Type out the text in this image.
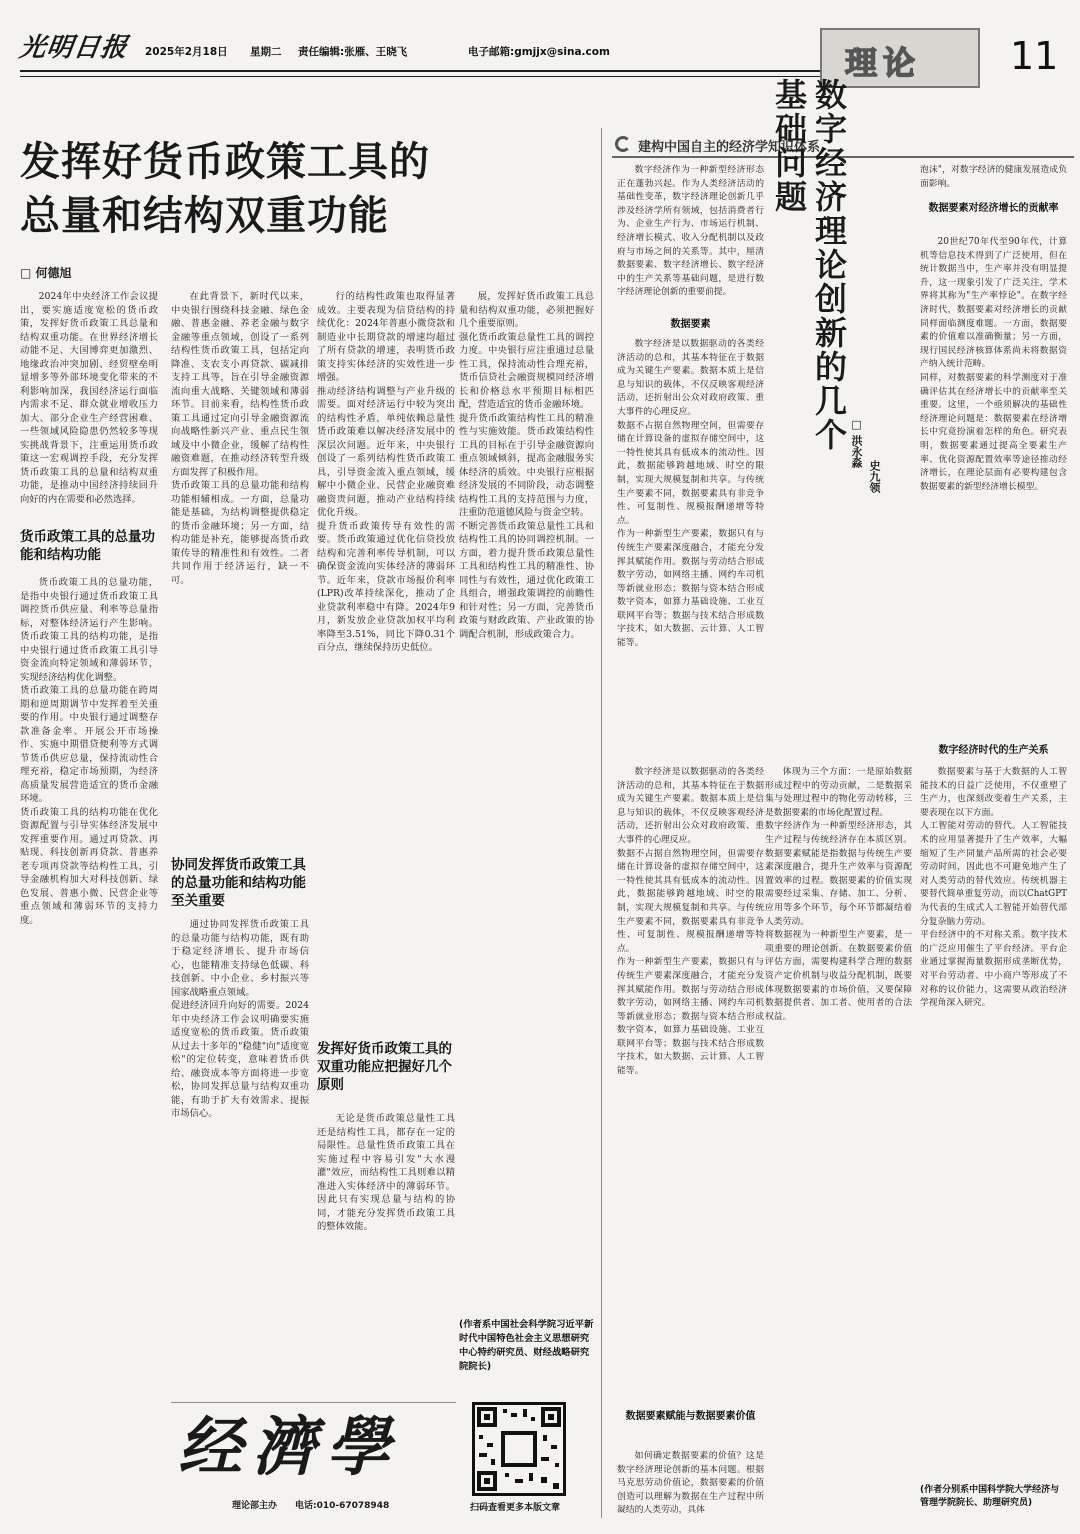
光明日报 2025年2月18日 星期二 责任编辑:张雁、王晓飞	电子邮箱:gmjjx@sina.com	理论 11
发挥好货币政策工具的
总量和结构双重功能
□ 何德旭
2024年中央经济工作会议提出，要实施适度宽松的货币政策，发挥好货币政策工具总量和结构双重功能。在世界经济增长动能不足、大国博弈更加激烈、地缘政治冲突加剧、经贸壁垒明显增多等外部环境变化带来的不利影响加深，我国经济运行面临内需求不足、群众就业增收压力加大、部分企业生产经营困难、一些领域风险隐患仍然较多等现实挑战背景下，注重运用货币政策这一宏观调控手段，充分发挥货币政策工具的总量和结构双重功能，是推动中国经济持续回升向好的内在需要和必然选择。
货币政策工具的总量功能和结构功能
货币政策工具的总量功能，是指中央银行通过货币政策工具调控货币供应量、利率等总量指标，对整体经济运行产生影响。货币政策工具的结构功能，是指中央银行通过货币政策工具引导资金流向特定领域和薄弱环节，实现经济结构优化调整。
货币政策工具的总量功能在跨周期和逆周期调节中发挥着至关重要的作用。中央银行通过调整存款准备金率、开展公开市场操作、实施中期借贷便利等方式调节货币供应总量，保持流动性合理充裕，稳定市场预期，为经济高质量发展营造适宜的货币金融环境。
货币政策工具的结构功能在优化资源配置与引导实体经济发展中发挥重要作用。通过再贷款、再贴现、科技创新再贷款、普惠养老专项再贷款等结构性工具，引导金融机构加大对科技创新、绿色发展、普惠小微、民营企业等重点领域和薄弱环节的支持力度。
在此背景下，新时代以来，中央银行围绕科技金融、绿色金融、普惠金融、养老金融与数字金融等重点领域，创设了一系列结构性货币政策工具，包括定向降准、支农支小再贷款、碳减排支持工具等，旨在引导金融资源流向重大战略、关键领域和薄弱环节。目前来看，结构性货币政策工具通过定向引导金融资源流向战略性新兴产业、重点民生领域及中小微企业，缓解了结构性融资难题，在推动经济转型升级方面发挥了积极作用。
货币政策工具的总量功能和结构功能相辅相成。一方面，总量功能是基础，为结构调整提供稳定的货币金融环境；另一方面，结构功能是补充，能够提高货币政策传导的精准性和有效性。二者共同作用于经济运行，缺一不可。
协同发挥货币政策工具的总量功能和结构功能至关重要
通过协同发挥货币政策工具的总量功能与结构功能，既有助于稳定经济增长、提升市场信心，也能精准支持绿色低碳、科技创新、中小企业、乡村振兴等国家战略重点领域。
促进经济回升向好的需要。2024年中央经济工作会议明确要实施适度宽松的货币政策。货币政策从过去十多年的"稳健"向"适度宽松"的定位转变，意味着货币供给、融资成本等方面将进一步宽松，协同发挥总量与结构双重功能，有助于扩大有效需求、提振市场信心。
行的结构性政策也取得显著成效。主要表现为信贷结构的持续优化：2024年普惠小微贷款和制造业中长期贷款的增速均超过了所有贷款的增速，表明货币政策支持实体经济的实效性进一步增强。
推动经济结构调整与产业升级的需要。面对经济运行中较为突出的结构性矛盾，单纯依赖总量性货币政策难以解决经济发展中的深层次问题。近年来，中央银行创设了一系列结构性货币政策工具，引导资金流入重点领域，缓解中小微企业、民营企业融资难融资贵问题，推动产业结构持续优化升级。
提升货币政策传导有效性的需要。货币政策通过优化信贷投放结构和完善利率传导机制，可以确保资金流向实体经济的薄弱环节。近年来，贷款市场报价利率(LPR)改革持续深化，推动了企业贷款利率稳中有降。2024年9月，新发放企业贷款加权平均利率降至3.51%，同比下降0.31个百分点，继续保持历史低位。
发挥好货币政策工具的双重功能应把握好几个原则
无论是货币政策总量性工具还是结构性工具，都存在一定的局限性。总量性货币政策工具在实施过程中容易引发"大水漫灌"效应，而结构性工具则难以精准进入实体经济中的薄弱环节。因此只有实现总量与结构的协同，才能充分发挥货币政策工具的整体效能。
展，发挥好货币政策工具总量和结构双重功能，必须把握好几个重要原则。
强化货币政策总量性工具的调控力度。中央银行应注重通过总量性工具，保持流动性合理充裕，货币信贷社会融资规模同经济增长和价格总水平预期目标相匹配，营造适宜的货币金融环境。
提升货币政策结构性工具的精准性与实施效能。货币政策结构性工具的目标在于引导金融资源向重点领域倾斜，提高金融服务实体经济的质效。中央银行应根据经济发展的不同阶段，动态调整结构性工具的支持范围与力度，注重防范道德风险与资金空转。
不断完善货币政策总量性工具和结构性工具的协同调控机制。一方面，着力提升货币政策总量性工具和结构性工具的精准性、协同性与有效性，通过优化政策工具组合，增强政策调控的前瞻性和针对性；另一方面，完善货币政策与财政政策、产业政策的协调配合机制，形成政策合力。
(作者系中国社会科学院习近平新时代中国特色社会主义思想研究中心特约研究员、财经战略研究院院长)
经濟學
理论部主办 电话:010-67078948	扫码查看更多本版文章
建构中国自主的经济学知识体系
数字经济作为一种新型经济形态正在蓬勃兴起。作为人类经济活动的基础性变革，数字经济理论创新几乎涉及经济学所有领域，包括消费者行为、企业生产行为、市场运行机制、经济增长模式、收入分配机制以及政府与市场之间的关系等。其中，厘清数据要素、数字经济增长、数字经济中的生产关系等基础问题，是进行数字经济理论创新的重要前提。
数据要素
数字经济是以数据驱动的各类经济活动的总和，其基本特征在于数据成为关键生产要素。数据本质上是信息与知识的载体，不仅反映客观经济活动，还折射出公众对政府政策、重大事件的心理反应。
数据不占据自然物理空间，但需要存储在计算设备的虚拟存储空间中，这一特性使其具有低成本的流动性。因此，数据能够跨越地域、时空的限制，实现大规模复制和共享。与传统生产要素不同，数据要素具有非竞争性、可复制性、规模报酬递增等特点。
作为一种新型生产要素，数据只有与传统生产要素深度融合，才能充分发挥其赋能作用。数据与劳动结合形成数字劳动，如网络主播、网约车司机等新就业形态；数据与资本结合形成数字资本，如算力基础设施、工业互联网平台等；数据与技术结合形成数字技术，如大数据、云计算、人工智能等。
数字经济理论创新的几个基础问题
□ 洪永淼
史九领
泡沫"，对数字经济的健康发展造成负面影响。
数据要素对经济增长的贡献率
20世纪70年代至90年代，计算机等信息技术得到了广泛使用，但在统计数据当中，生产率并没有明显提升，这一现象引发了广泛关注，学术界将其称为"生产率悖论"。在数字经济时代，数据要素对经济增长的贡献同样面临测度难题。一方面，数据要素的价值难以准确衡量；另一方面，现行国民经济核算体系尚未将数据资产纳入统计范畴。
同样，对数据要素的科学测度对于准确评估其在经济增长中的贡献率至关重要。这里，一个亟须解决的基础性经济理论问题是：数据要素在经济增长中究竟扮演着怎样的角色。研究表明，数据要素通过提高全要素生产率、优化资源配置效率等途径推动经济增长，在理论层面有必要构建包含数据要素的新型经济增长模型。
数字经济时代的生产关系
数据要素与基于大数据的人工智能技术的日益广泛使用，不仅重塑了生产力，也深刻改变着生产关系，主要表现在以下方面。
人工智能对劳动的替代。人工智能技术的应用显著提升了生产效率，大幅缩短了生产同量产品所需的社会必要劳动时间，因此也不可避免地产生了对人类劳动的替代效应。传统机器主要替代简单重复劳动，而以ChatGPT为代表的生成式人工智能开始替代部分复杂脑力劳动。
平台经济中的不对称关系。数字技术的广泛应用催生了平台经济。平台企业通过掌握海量数据形成垄断优势，对平台劳动者、中小商户等形成了不对称的议价能力，这需要从政治经济学视角深入研究。
(作者分别系中国科学院大学经济与管理学院院长、助理研究员)
体现为三个方面：一是原始数据形成过程中的劳动贡献，二是数据采集与处理过程中的物化劳动转移，三是数据要素的市场化配置过程。
数字经济作为一种新型经济形态，其生产过程与传统经济存在本质区别。数据要素赋能是指数据与传统生产要素深度融合，提升生产效率与资源配置效率的过程。数据要素的价值实现需要经过采集、存储、加工、分析、应用等多个环节，每个环节都凝结着人类劳动。
将数据视为一种新型生产要素，是一项重要的理论创新。在数据要素价值评估方面，需要构建科学合理的数据资产定价机制与收益分配机制，既要体现数据要素的市场价值，又要保障数据提供者、加工者、使用者的合法权益。
数据要素赋能与数据要素价值
如何确定数据要素的价值？这是数字经济理论创新的基本问题。根据马克思劳动价值论，数据要素的价值创造可以理解为数据在生产过程中所凝结的人类劳动，具体
数字经济是以数据驱动的各类经济活动的总和，其基本特征在于数据成为关键生产要素。数据本质上是信息与知识的载体，不仅反映客观经济活动，还折射出公众对政府政策、重大事件的心理反应。
数据不占据自然物理空间，但需要存储在计算设备的虚拟存储空间中，这一特性使其具有低成本的流动性。因此，数据能够跨越地域、时空的限制，实现大规模复制和共享。与传统生产要素不同，数据要素具有非竞争性、可复制性、规模报酬递增等特点。
作为一种新型生产要素，数据只有与传统生产要素深度融合，才能充分发挥其赋能作用。数据与劳动结合形成数字劳动，如网络主播、网约车司机等新就业形态；数据与资本结合形成数字资本，如算力基础设施、工业互联网平台等；数据与技术结合形成数字技术，如大数据、云计算、人工智能等。
